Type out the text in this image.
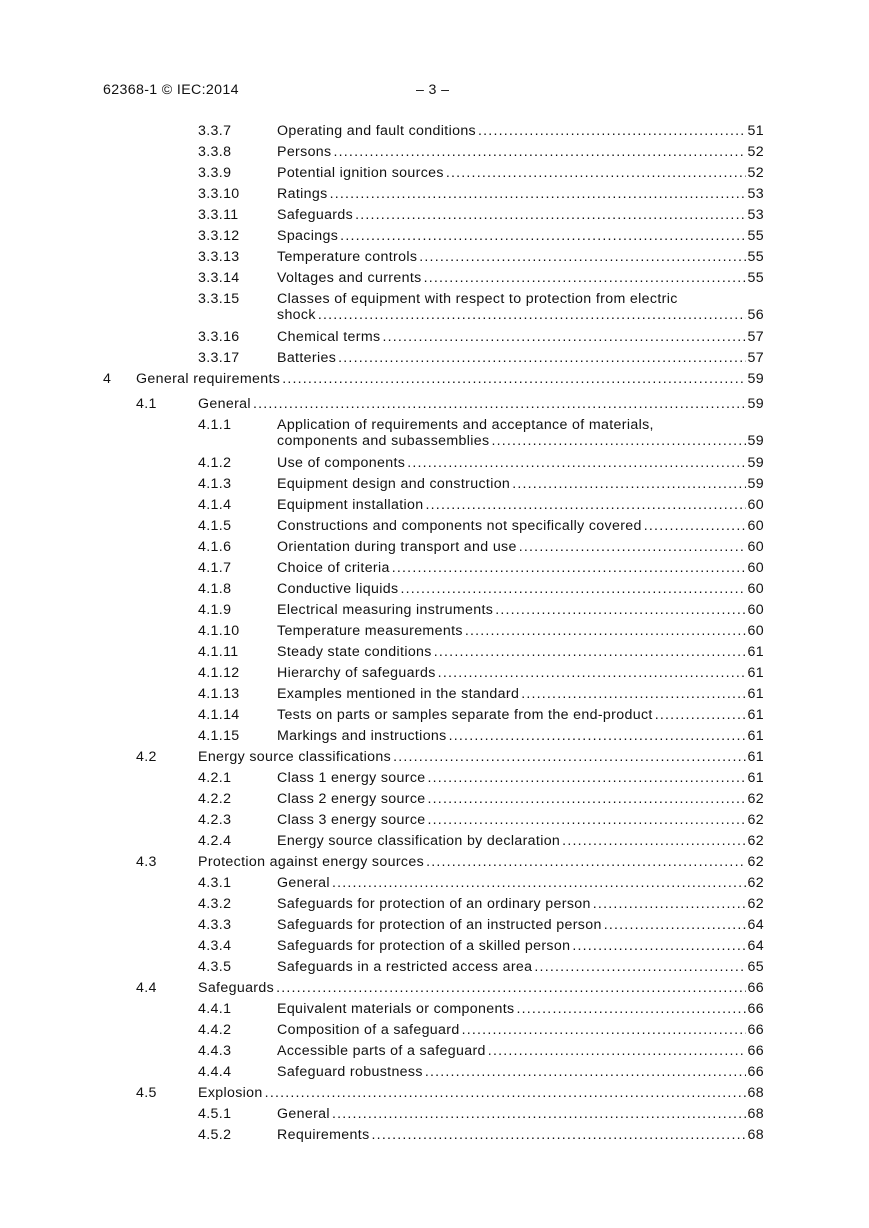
62368-1 © IEC:2014	– 3 –
3.3.7	Operating and fault conditions .....	51
3.3.8	Persons .....	52
3.3.9	Potential ignition sources .....	52
3.3.10	Ratings .....	53
3.3.11	Safeguards .....	53
3.3.12	Spacings .....	55
3.3.13	Temperature controls .....	55
3.3.14	Voltages and currents .....	55
3.3.15	Classes of equipment with respect to protection from electric
shock .....	56
3.3.16	Chemical terms .....	57
3.3.17	Batteries .....	57
4 General requirements .....	59
4.1	General .....	59
4.1.1	Application of requirements and acceptance of materials,
components and subassemblies .....	59
4.1.2	Use of components .....	59
4.1.3	Equipment design and construction .....	59
4.1.4	Equipment installation .....	60
4.1.5	Constructions and components not specifically covered .....	60
4.1.6	Orientation during transport and use .....	60
4.1.7	Choice of criteria .....	60
4.1.8	Conductive liquids .....	60
4.1.9	Electrical measuring instruments .....	60
4.1.10	Temperature measurements .....	60
4.1.11	Steady state conditions .....	61
4.1.12	Hierarchy of safeguards .....	61
4.1.13	Examples mentioned in the standard .....	61
4.1.14	Tests on parts or samples separate from the end-product .....	61
4.1.15	Markings and instructions .....	61
4.2	Energy source classifications .....	61
4.2.1	Class 1 energy source .....	61
4.2.2	Class 2 energy source .....	62
4.2.3	Class 3 energy source .....	62
4.2.4	Energy source classification by declaration .....	62
4.3	Protection against energy sources .....	62
4.3.1	General .....	62
4.3.2	Safeguards for protection of an ordinary person .....	62
4.3.3	Safeguards for protection of an instructed person .....	64
4.3.4	Safeguards for protection of a skilled person .....	64
4.3.5	Safeguards in a restricted access area .....	65
4.4	Safeguards .....	66
4.4.1	Equivalent materials or components .....	66
4.4.2	Composition of a safeguard .....	66
4.4.3	Accessible parts of a safeguard .....	66
4.4.4	Safeguard robustness .....	66
4.5	Explosion .....	68
4.5.1	General .....	68
4.5.2	Requirements .....	68
